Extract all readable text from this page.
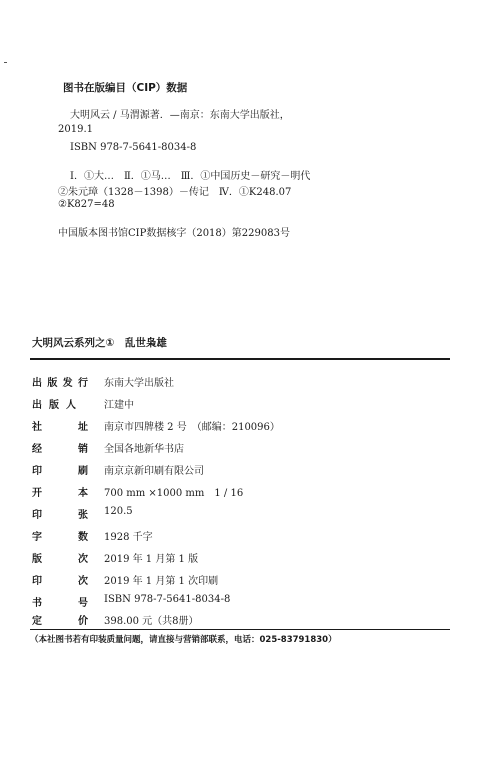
图书在版编目（CIP）数据
大明风云 / 马渭源著．—南京：东南大学出版社，
2019.1
ISBN 978-7-5641-8034-8
Ⅰ．①大…　Ⅱ．①马…　Ⅲ．①中国历史－研究－明代
②朱元璋（1328－1398）－传记　Ⅳ．①K248.07
②K827=48
中国版本图书馆CIP数据核字（2018）第229083号
大明风云系列之①　乱世枭雄
出版发行 东南大学出版社
出版人	江建中
社址 南京市四牌楼 2 号　（邮编：210096）
经销 全国各地新华书店
印刷 南京京新印刷有限公司
开本 700 mm ×1000 mm　1 / 16
印张 120.5
字数 1928 千字
版次 2019 年 1 月第 1 版
印次 2019 年 1 月第 1 次印刷
书号 ISBN 978-7-5641-8034-8
定价 398.00 元（共8册）
（本社图书若有印装质量问题，请直接与营销部联系，电话：025-83791830）
